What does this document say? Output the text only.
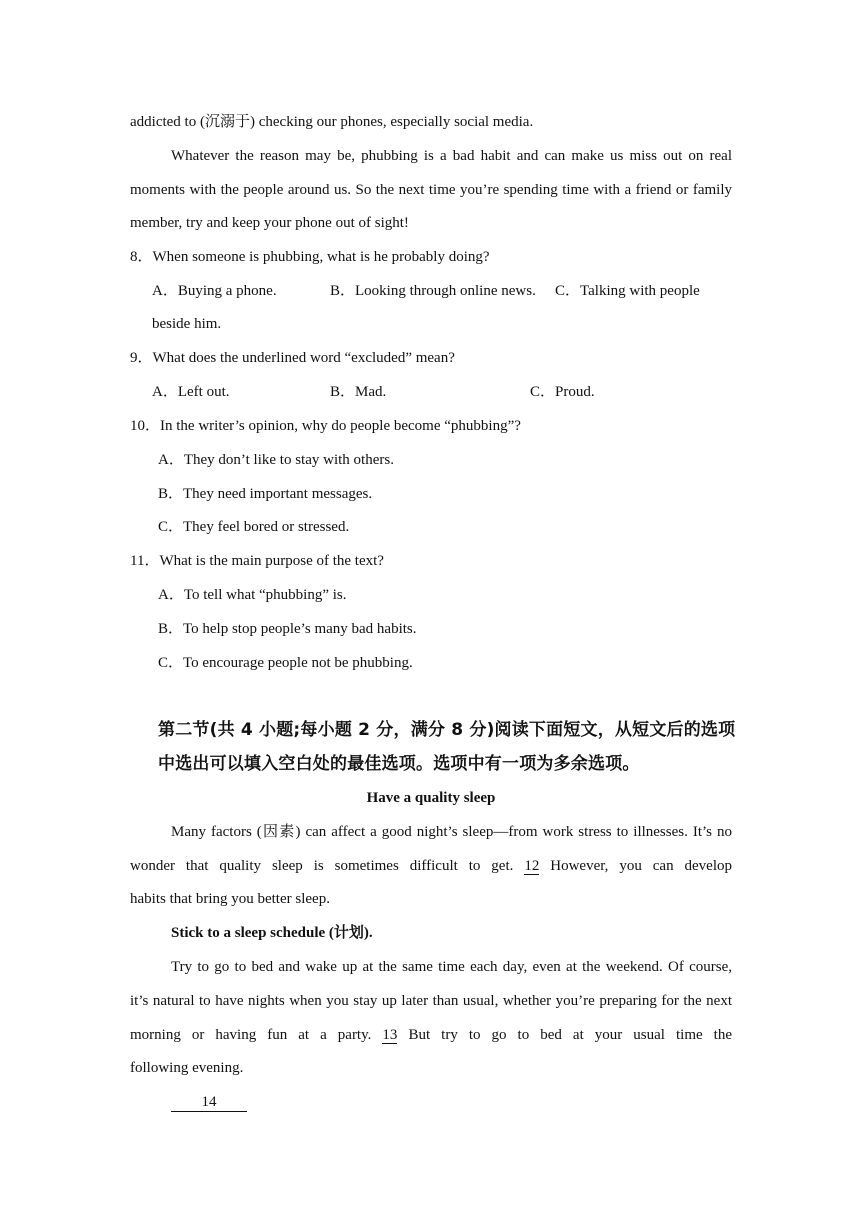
addicted to (沉溺于) checking our phones, especially social media.
Whatever the reason may be, phubbing is a bad habit and can make us miss out on real
moments with the people around us. So the next time you’re spending time with a friend or family
member, try and keep your phone out of sight!
8．When someone is phubbing, what is he probably doing?
A．Buying a phone.	B．Looking through online news. C．Talking with people
beside him.
9．What does the underlined word “excluded” mean?
A．Left out.	B．Mad.	C．Proud.
10．In the writer’s opinion, why do people become “phubbing”?
A．They don’t like to stay with others.
B．They need important messages.
C．They feel bored or stressed.
11．What is the main purpose of the text?
A．To tell what “phubbing” is.
B．To help stop people’s many bad habits.
C．To encourage people not be phubbing.
第二节(共 4 小题;每小题 2 分，满分 8 分)阅读下面短文，从短文后的选项
中选出可以填入空白处的最佳选项。选项中有一项为多余选项。
Have a quality sleep
Many factors (因素) can affect a good night’s sleep—from work stress to illnesses. It’s no
wonder that quality sleep is sometimes difficult to get. 12 However, you can develop
habits that bring you better sleep.
Stick to a sleep schedule (计划).
Try to go to bed and wake up at the same time each day, even at the weekend. Of course,
it’s natural to have nights when you stay up later than usual, whether you’re preparing for the next
morning or having fun at a party. 13 But try to go to bed at your usual time the
following evening.
14
